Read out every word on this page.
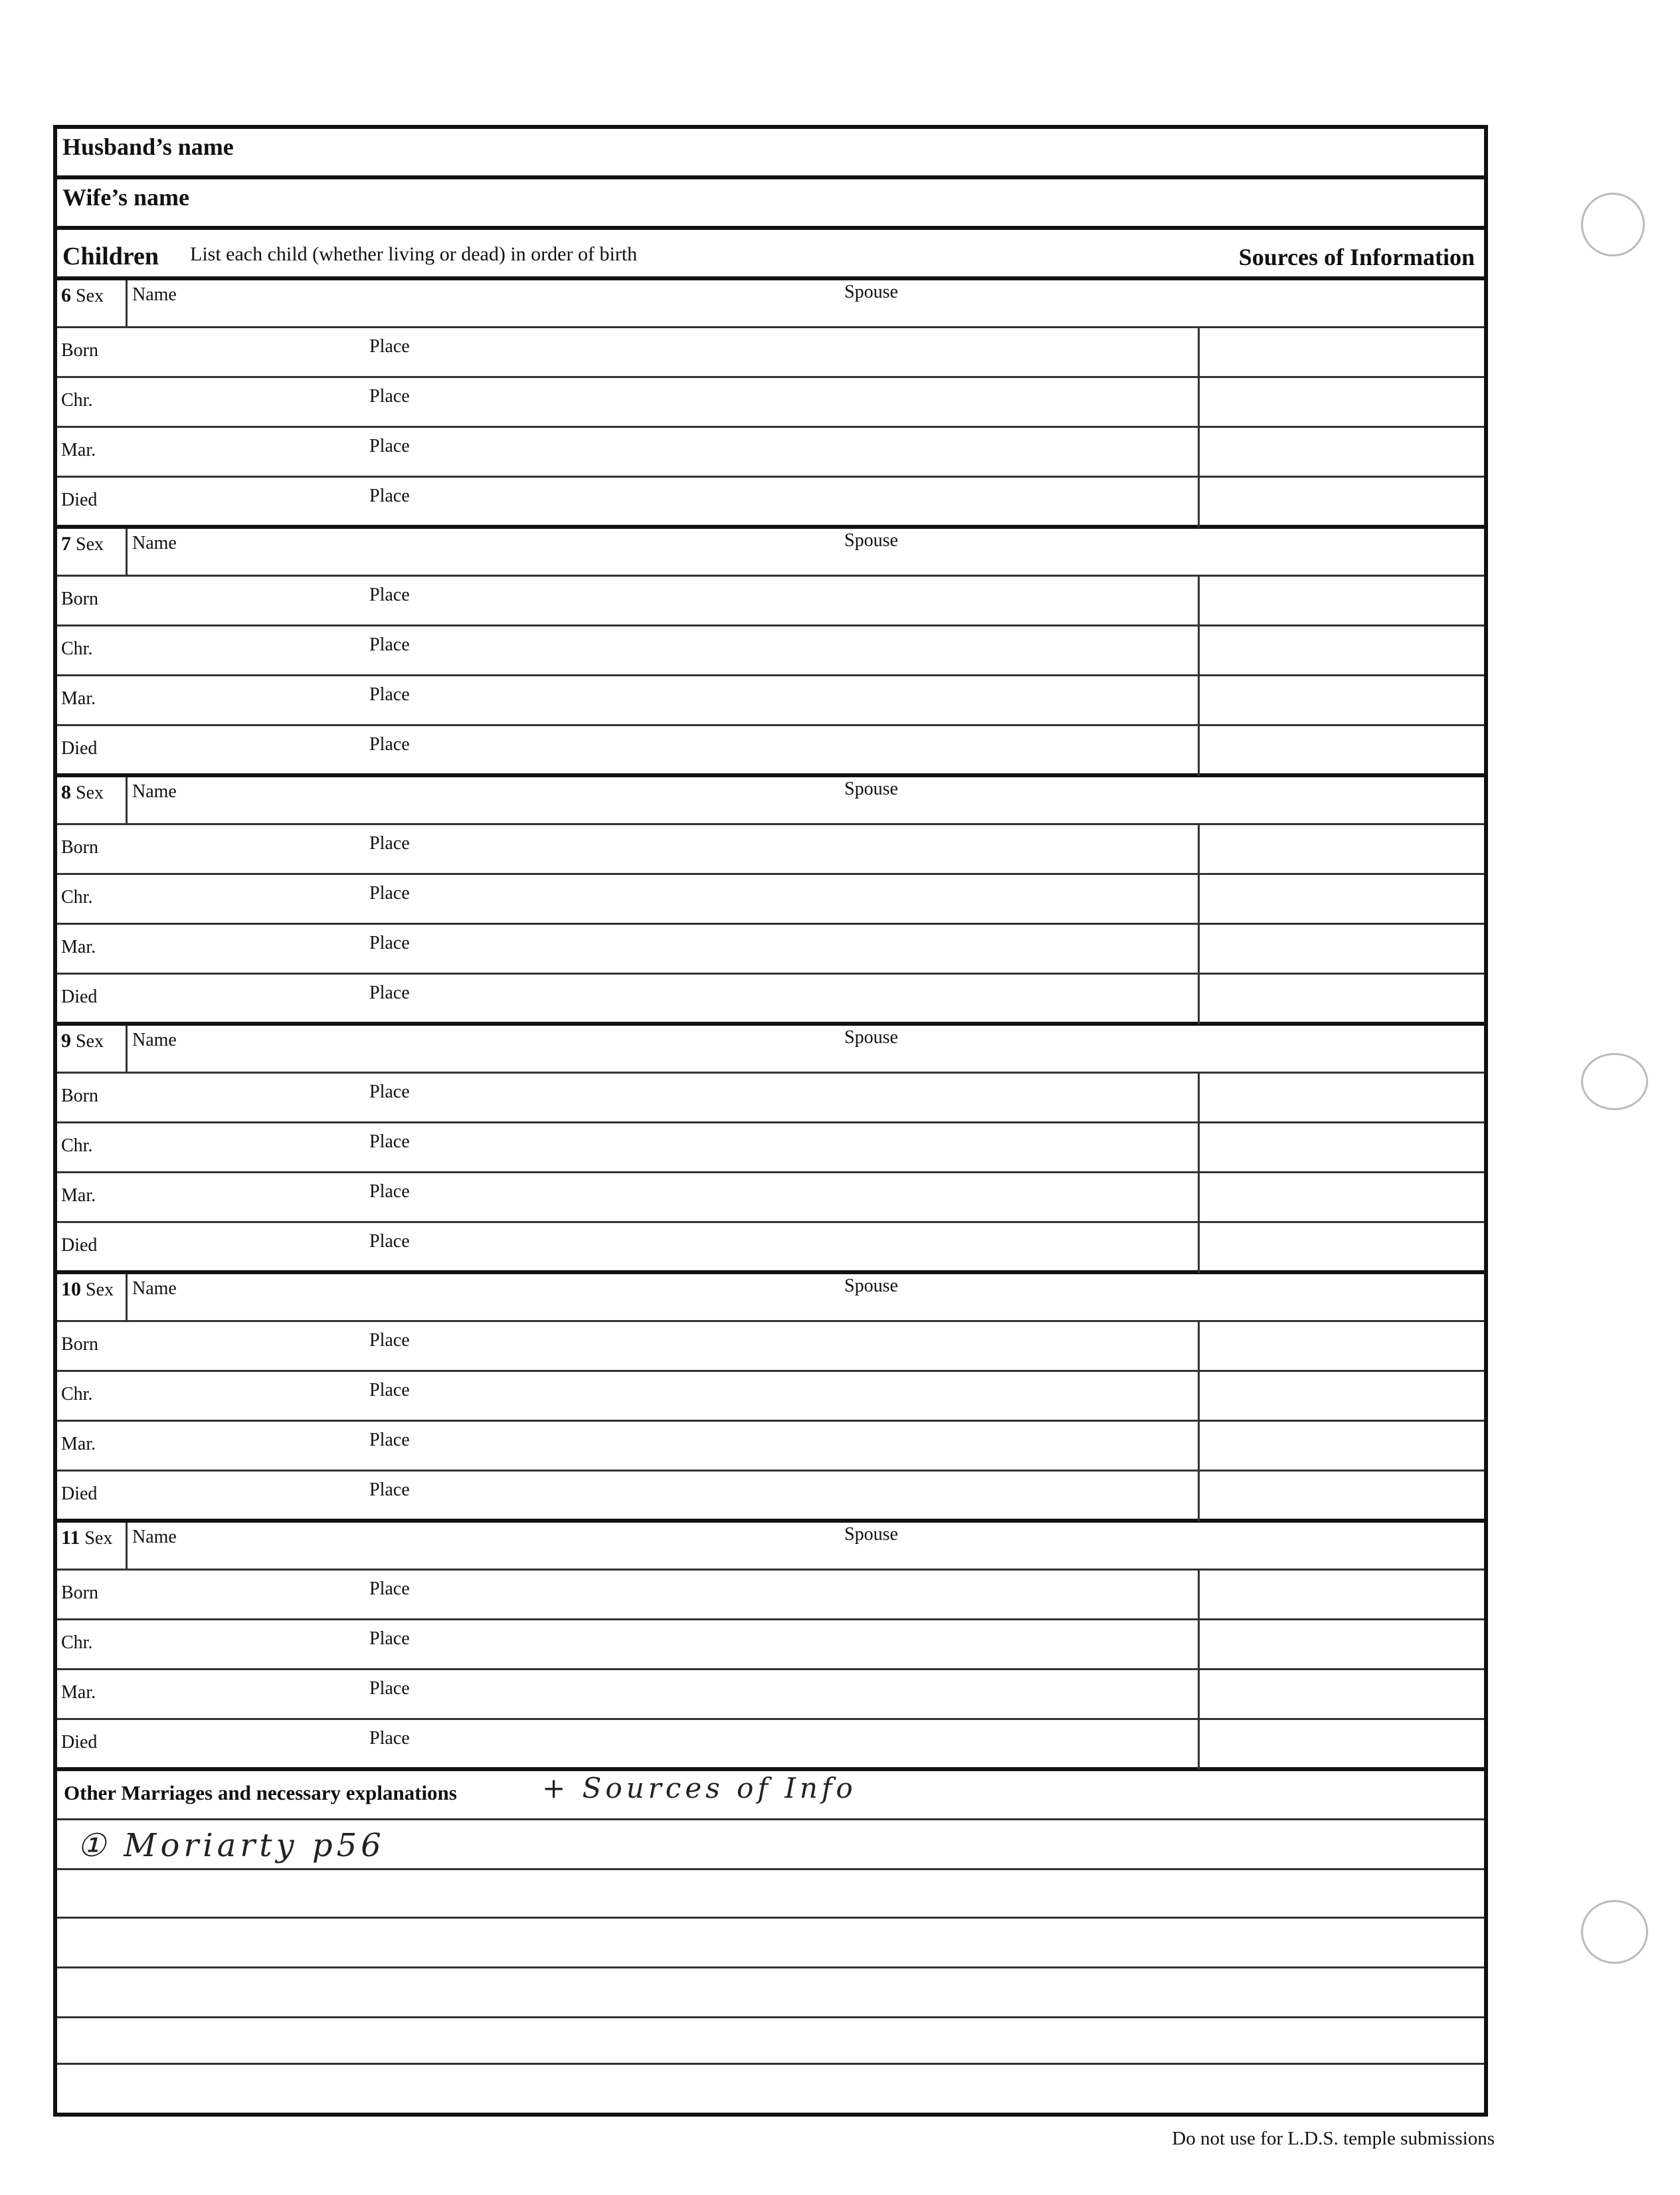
Husband’s name
Wife’s name
Children List each child (whether living or dead) in order of birth	Sources of Information
6 Sex Name	Spouse
Born	Place
Chr.	Place
Mar.	Place
Died	Place
7 Sex Name	Spouse
Born	Place
Chr.	Place
Mar.	Place
Died	Place
8 Sex Name	Spouse
Born	Place
Chr.	Place
Mar.	Place
Died	Place
9 Sex Name	Spouse
Born	Place
Chr.	Place
Mar.	Place
Died	Place
10 Sex Name	Spouse
Born	Place
Chr.	Place
Mar.	Place
Died	Place
11 Sex Name	Spouse
Born	Place
Chr.	Place
Mar.	Place
Died	Place
Other Marriages and necessary explanations	+ Sources of Info
① Moriarty p56
Do not use for L.D.S. temple submissions
